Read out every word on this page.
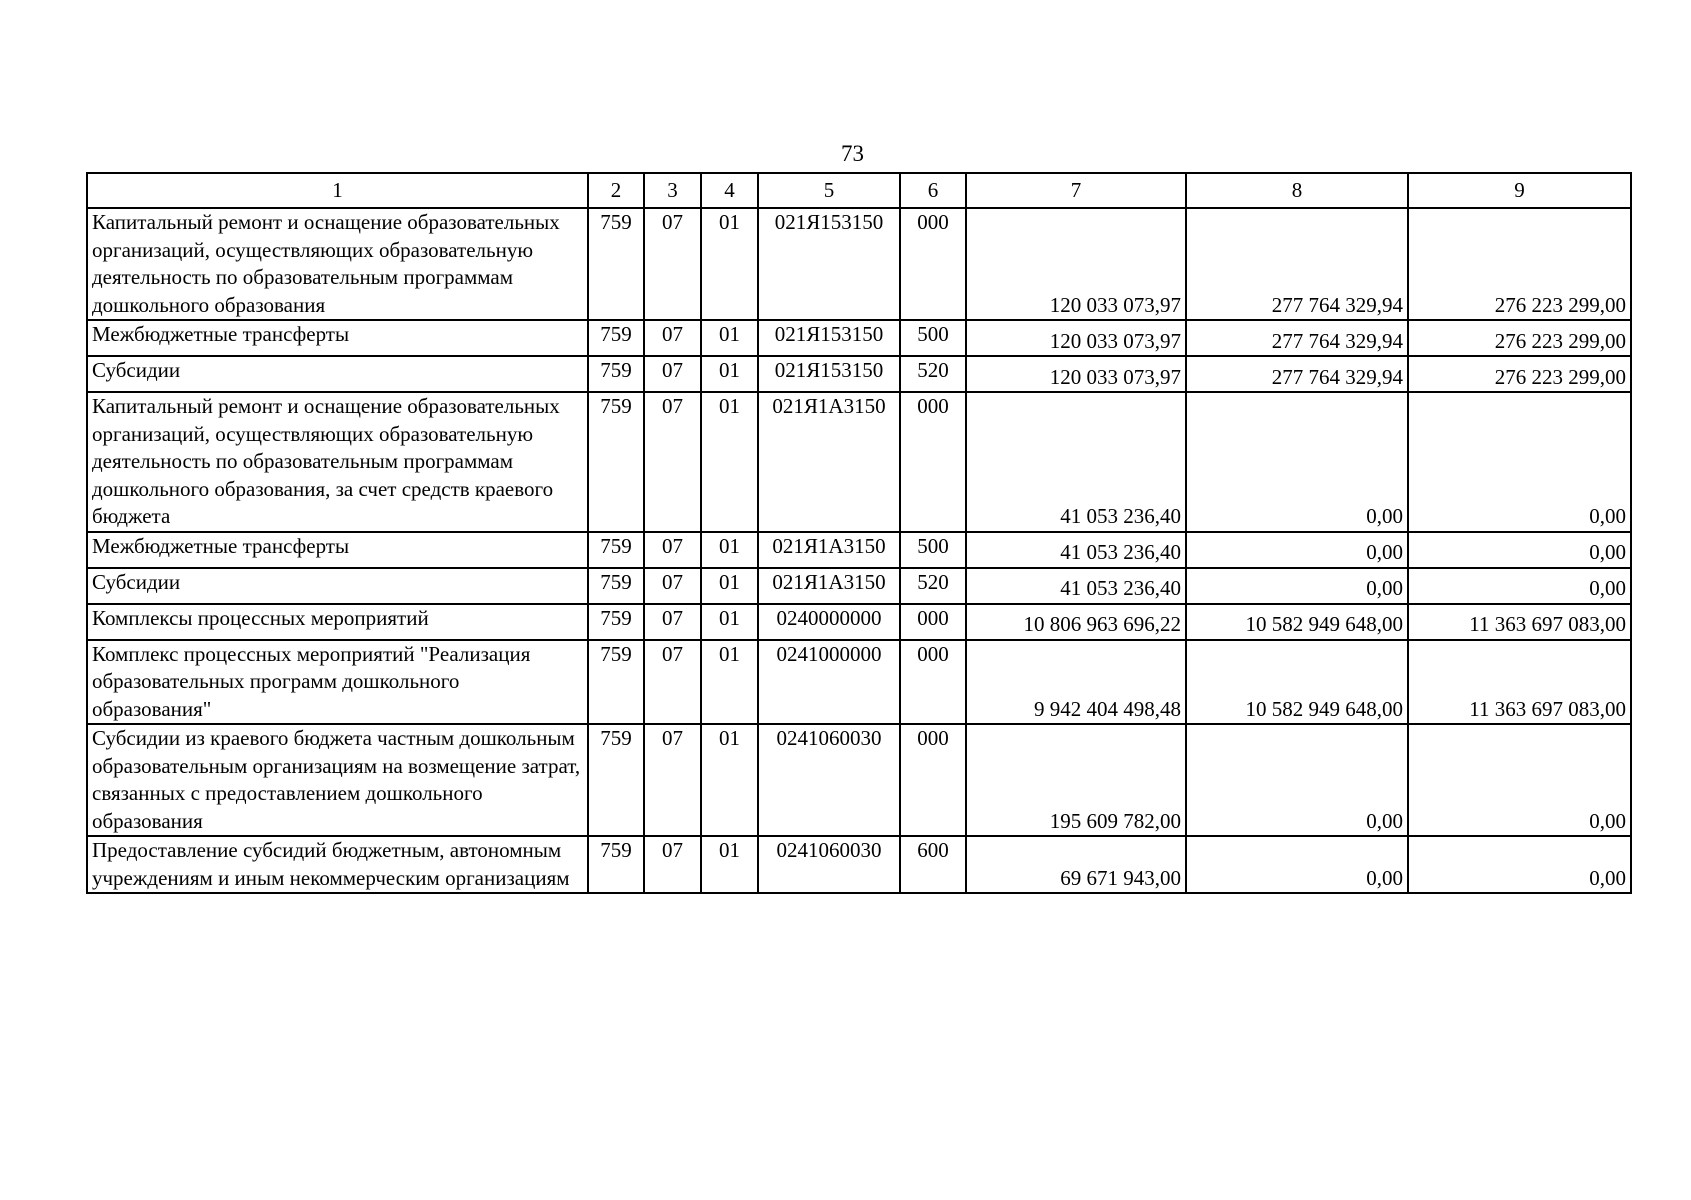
73
1	2	3	4	5	6	7	8	9
Капитальный ремонт и оснащение образовательных организаций, осуществляющих образовательную деятельность по образовательным программам дошкольного образования	759	07	01	021Я153150	000	120 033 073,97	277 764 329,94	276 223 299,00
Межбюджетные трансферты	759	07	01	021Я153150	500	120 033 073,97	277 764 329,94	276 223 299,00
Субсидии	759	07	01	021Я153150	520	120 033 073,97	277 764 329,94	276 223 299,00
Капитальный ремонт и оснащение образовательных организаций, осуществляющих образовательную деятельность по образовательным программам дошкольного образования, за счет средств краевого бюджета	759	07	01	021Я1А3150	000	41 053 236,40	0,00	0,00
Межбюджетные трансферты	759	07	01	021Я1А3150	500	41 053 236,40	0,00	0,00
Субсидии	759	07	01	021Я1А3150	520	41 053 236,40	0,00	0,00
Комплексы процессных мероприятий	759	07	01	0240000000	000	10 806 963 696,22	10 582 949 648,00	11 363 697 083,00
Комплекс процессных мероприятий "Реализация образовательных программ дошкольного образования"	759	07	01	0241000000	000	9 942 404 498,48	10 582 949 648,00	11 363 697 083,00
Субсидии из краевого бюджета частным дошкольным образовательным организациям на возмещение затрат, связанных с предоставлением дошкольного образования	759	07	01	0241060030	000	195 609 782,00	0,00	0,00
Предоставление субсидий бюджетным, автономным учреждениям и иным некоммерческим организациям	759	07	01	0241060030	600	69 671 943,00	0,00	0,00
